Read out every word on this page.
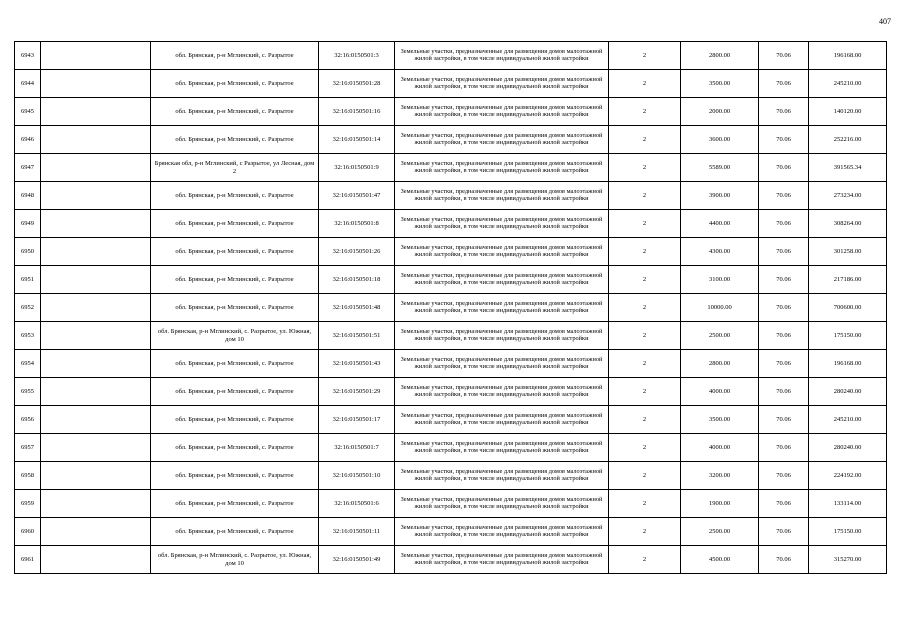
407
6943		обл. Брянская, р-н Мглинский, с. Разрытое	32:16:0150501:3	Земельные участки, предназначенные для размещения домов малоэтажной жилой застройки, в том числе индивидуальной жилой застройки	2	2800.00	70.06	196168.00
6944		обл. Брянская, р-н Мглинский, с. Разрытое	32:16:0150501:28	Земельные участки, предназначенные для размещения домов малоэтажной жилой застройки, в том числе индивидуальной жилой застройки	2	3500.00	70.06	245210.00
6945		обл. Брянская, р-н Мглинский, с. Разрытое	32:16:0150501:16	Земельные участки, предназначенные для размещения домов малоэтажной жилой застройки, в том числе индивидуальной жилой застройки	2	2000.00	70.06	140120.00
6946		обл. Брянская, р-н Мглинский, с. Разрытое	32:16:0150501:14	Земельные участки, предназначенные для размещения домов малоэтажной жилой застройки, в том числе индивидуальной жилой застройки	2	3600.00	70.06	252216.00
6947		Брянская обл, р-н Мглинский, с Разрытое, ул Лесная, дом 2	32:16:0150501:9	Земельные участки, предназначенные для размещения домов малоэтажной жилой застройки, в том числе индивидуальной жилой застройки	2	5589.00	70.06	391565.34
6948		обл. Брянская, р-н Мглинский, с. Разрытое	32:16:0150501:47	Земельные участки, предназначенные для размещения домов малоэтажной жилой застройки, в том числе индивидуальной жилой застройки	2	3900.00	70.06	273234.00
6949		обл. Брянская, р-н Мглинский, с. Разрытое	32:16:0150501:8	Земельные участки, предназначенные для размещения домов малоэтажной жилой застройки, в том числе индивидуальной жилой застройки	2	4400.00	70.06	308264.00
6950		обл. Брянская, р-н Мглинский, с. Разрытое	32:16:0150501:26	Земельные участки, предназначенные для размещения домов малоэтажной жилой застройки, в том числе индивидуальной жилой застройки	2	4300.00	70.06	301258.00
6951		обл. Брянская, р-н Мглинский, с. Разрытое	32:16:0150501:18	Земельные участки, предназначенные для размещения домов малоэтажной жилой застройки, в том числе индивидуальной жилой застройки	2	3100.00	70.06	217186.00
6952		обл. Брянская, р-н Мглинский, с. Разрытое	32:16:0150501:48	Земельные участки, предназначенные для размещения домов малоэтажной жилой застройки, в том числе индивидуальной жилой застройки	2	10000.00	70.06	700600.00
6953		обл. Брянская, р-н Мглинский, с. Разрытое, ул. Южная, дом 10	32:16:0150501:51	Земельные участки, предназначенные для размещения домов малоэтажной жилой застройки, в том числе индивидуальной жилой застройки	2	2500.00	70.06	175150.00
6954		обл. Брянская, р-н Мглинский, с. Разрытое	32:16:0150501:43	Земельные участки, предназначенные для размещения домов малоэтажной жилой застройки, в том числе индивидуальной жилой застройки	2	2800.00	70.06	196168.00
6955		обл. Брянская, р-н Мглинский, с. Разрытое	32:16:0150501:29	Земельные участки, предназначенные для размещения домов малоэтажной жилой застройки, в том числе индивидуальной жилой застройки	2	4000.00	70.06	280240.00
6956		обл. Брянская, р-н Мглинский, с. Разрытое	32:16:0150501:17	Земельные участки, предназначенные для размещения домов малоэтажной жилой застройки, в том числе индивидуальной жилой застройки	2	3500.00	70.06	245210.00
6957		обл. Брянская, р-н Мглинский, с. Разрытое	32:16:0150501:7	Земельные участки, предназначенные для размещения домов малоэтажной жилой застройки, в том числе индивидуальной жилой застройки	2	4000.00	70.06	280240.00
6958		обл. Брянская, р-н Мглинский, с. Разрытое	32:16:0150501:10	Земельные участки, предназначенные для размещения домов малоэтажной жилой застройки, в том числе индивидуальной жилой застройки	2	3200.00	70.06	224192.00
6959		обл. Брянская, р-н Мглинский, с. Разрытое	32:16:0150501:6	Земельные участки, предназначенные для размещения домов малоэтажной жилой застройки, в том числе индивидуальной жилой застройки	2	1900.00	70.06	133114.00
6960		обл. Брянская, р-н Мглинский, с. Разрытое	32:16:0150501:11	Земельные участки, предназначенные для размещения домов малоэтажной жилой застройки, в том числе индивидуальной жилой застройки	2	2500.00	70.06	175150.00
6961		обл. Брянская, р-н Мглинский, с. Разрытое, ул. Южная, дом 10	32:16:0150501:49	Земельные участки, предназначенные для размещения домов малоэтажной жилой застройки, в том числе индивидуальной жилой застройки	2	4500.00	70.06	315270.00
